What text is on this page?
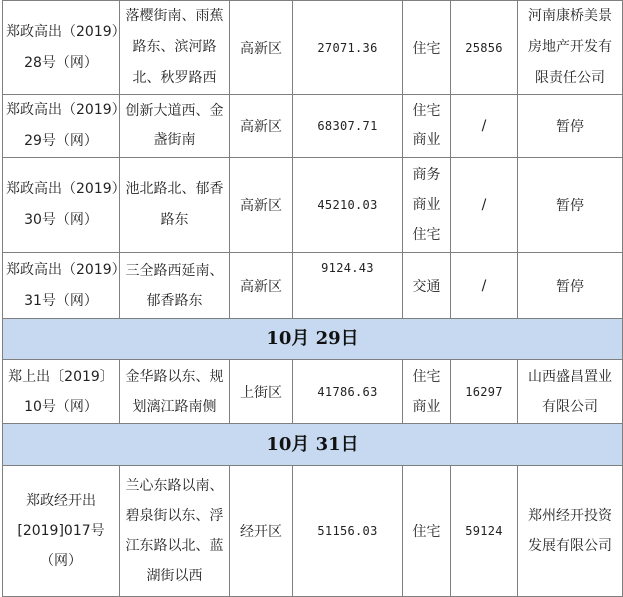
郑政高出（2019）
28号（网）	落樱街南、雨蕉
路东、滨河路
北、秋罗路西	高新区	27071.36	住宅	25856	河南康桥美景
房地产开发有
限责任公司

郑政高出（2019）
29号（网）	创新大道西、金
盏街南	高新区	68307.71	住宅
商业	/	暂停

郑政高出（2019）
30号（网）	池北路北、郁香
路东	高新区	45210.03	商务
商业
住宅	/	暂停

郑政高出（2019）
31号（网）	三全路西延南、
郁香路东	高新区	9124.43	交通	/	暂停

10月 29日						

郑上出〔2019〕
10号（网）	金华路以东、规
划漓江路南侧	上街区	41786.63	住宅
商业	16297	山西盛昌置业
有限公司

10月 31日						

郑政经开出
[2019]017号
（网）	兰心东路以南、
碧泉街以东、浮
江东路以北、蓝
湖街以西	经开区	51156.03	住宅	59124	郑州经开投资
发展有限公司
